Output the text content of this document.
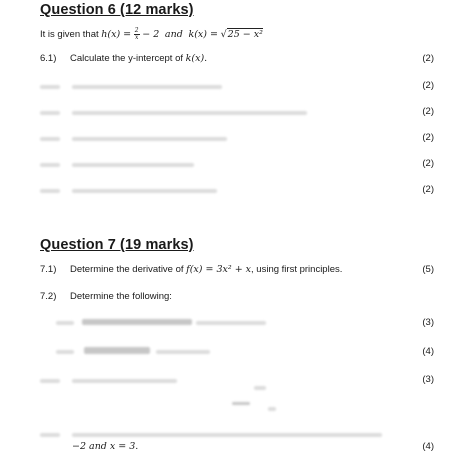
Question 6 (12 marks)
It is given that $h(x) = \frac{2}{x} - 2$ and k(x) = √25 − x²
6.1) Calculate the y-intercept of k(x).	(2)
(2)
(2)
(2)
(2)
(2)
Question 7 (19 marks)
7.1) Determine the derivative of f(x) = 3x² + x, using first principles.	(5)
7.2) Determine the following:
(3)
(4)
(3)
−2 and x = 3.	(4)
